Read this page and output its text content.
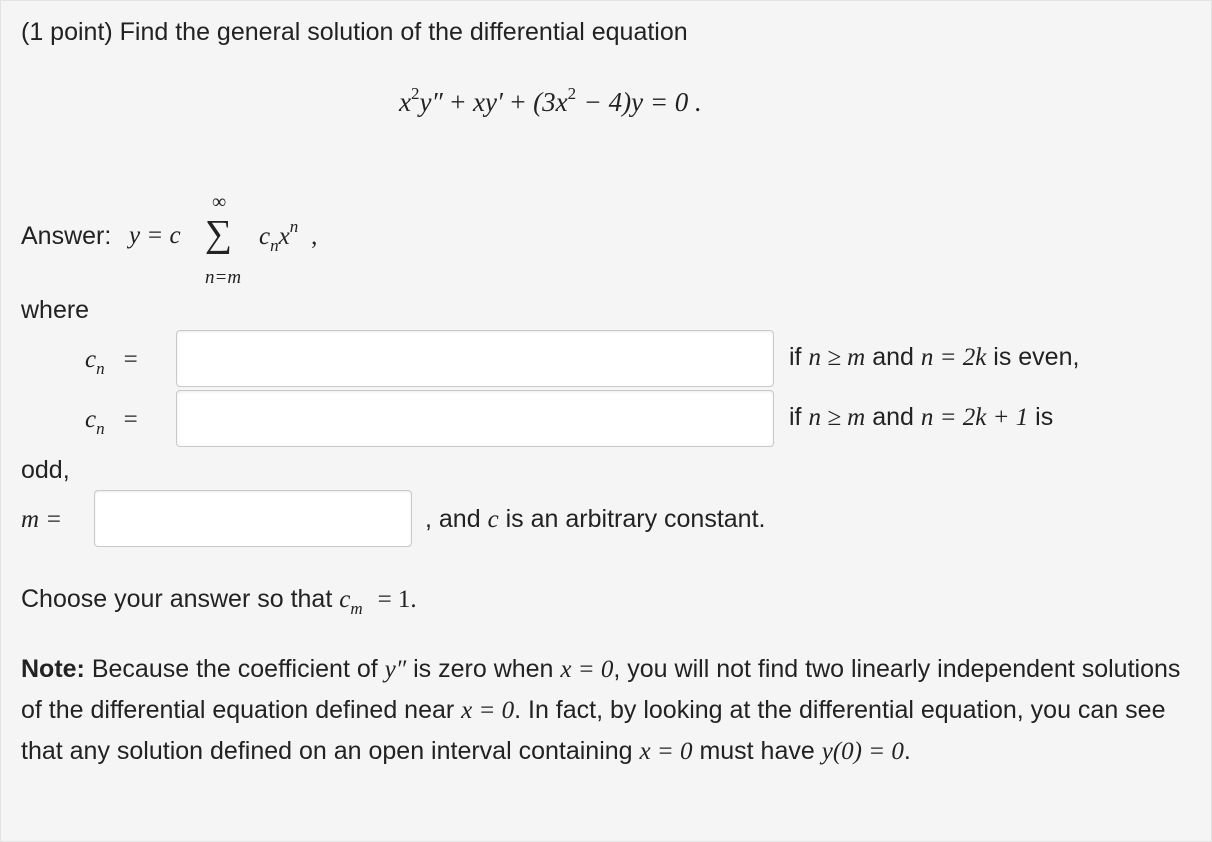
(1 point) Find the general solution of the differential equation
$x^2y'' + xy' + (3x^2 - 4)y = 0$ .
Answer: y = c
∞
∑
n=m
$c_nx^n$ ,
where
$c_n$ =	if n ≥ m and n = 2k is even,
$c_n$ =	if n ≥ m and n = 2k + 1 is
odd,
m =	, and c is an arbitrary constant.
Choose your answer so that $c_m = 1$.
Note: Because the coefficient of y″ is zero when x = 0, you will not find two linearly independent solutions of the differential equation defined near x = 0. In fact, by looking at the differential equation, you can see that any solution defined on an open interval containing x = 0 must have y(0) = 0.
